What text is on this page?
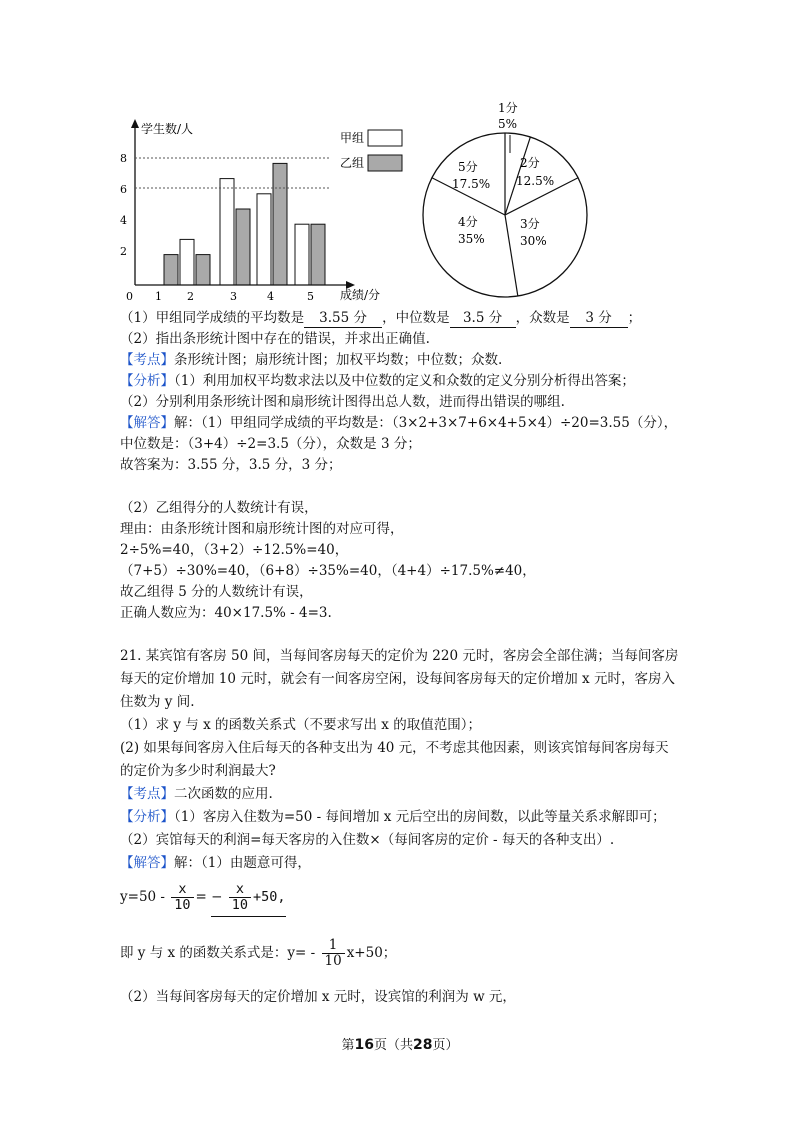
学生数/人
成绩/分
0
2
4
6
8
1 2	3	4	5
甲组
乙组
1分
5%
2分
12.5%
3分
30%
4分
35%
5分
17.5%
（1）甲组同学成绩的平均数是 3.55 分 ，中位数是 3.5 分 ，众数是 3 分 ；
（2）指出条形统计图中存在的错误，并求出正确值.
【考点】条形统计图；扇形统计图；加权平均数；中位数；众数.
【分析】（1）利用加权平均数求法以及中位数的定义和众数的定义分别分析得出答案；
（2）分别利用条形统计图和扇形统计图得出总人数，进而得出错误的哪组.
【解答】解：（1）甲组同学成绩的平均数是：（3×2+3×7+6×4+5×4）÷20=3.55（分），
中位数是：（3+4）÷2=3.5（分），众数是 3 分；
故答案为：3.55 分，3.5 分，3 分；
（2）乙组得分的人数统计有误，
理由：由条形统计图和扇形统计图的对应可得，
2÷5%=40，（3+2）÷12.5%=40，
（7+5）÷30%=40，（6+8）÷35%=40，（4+4）÷17.5%≠40，
故乙组得 5 分的人数统计有误，
正确人数应为：40×17.5% - 4=3.
21. 某宾馆有客房 50 间，当每间客房每天的定价为 220 元时，客房会全部住满；当每间客房
每天的定价增加 10 元时，就会有一间客房空闲，设每间客房每天的定价增加 x 元时，客房入
住数为 y 间.
（1）求 y 与 x 的函数关系式（不要求写出 x 的取值范围）；
(2) 如果每间客房入住后每天的各种支出为 40 元，不考虑其他因素，则该宾馆每间客房每天
的定价为多少时利润最大?
【考点】二次函数的应用.
【分析】（1）客房入住数为=50 - 每间增加 x 元后空出的房间数，以此等量关系求解即可；
（2）宾馆每天的利润=每天客房的入住数×（每间客房的定价 - 每天的各种支出）.
【解答】解：（1）由题意可得，
$y=50 - \frac{x}{10}$ = − $\frac{x}{10} +50$,
即 y 与 x 的函数关系式是：$y= - \frac{1}{10} x+50$；
（2）当每间客房每天的定价增加 x 元时，设宾馆的利润为 w 元，
第16页（共28页）
